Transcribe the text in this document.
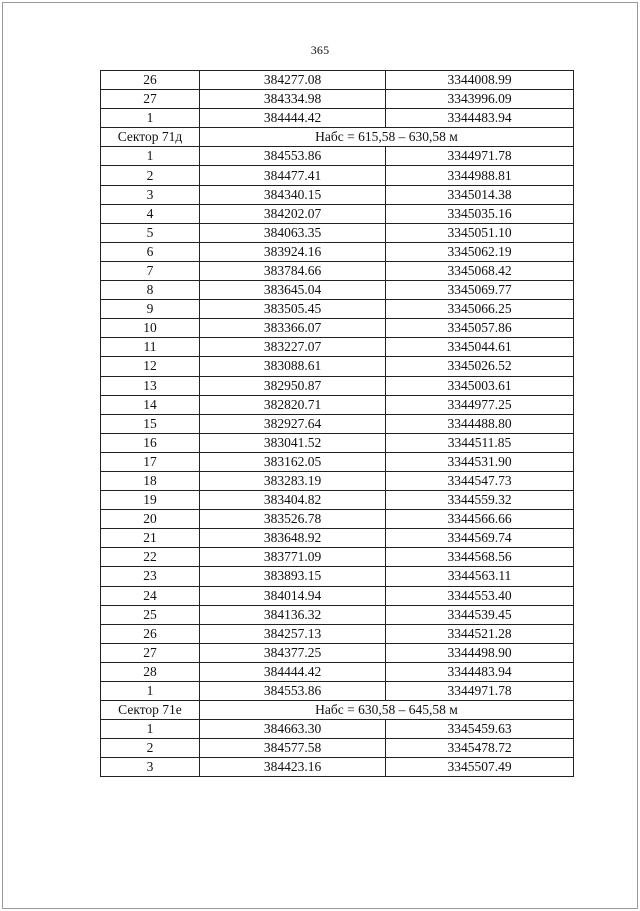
365
26	384277.08	3344008.99
27	384334.98	3343996.09
1	384444.42	3344483.94
Сектор 71д	Набс = 615,58 – 630,58 м	
1	384553.86	3344971.78
2	384477.41	3344988.81
3	384340.15	3345014.38
4	384202.07	3345035.16
5	384063.35	3345051.10
6	383924.16	3345062.19
7	383784.66	3345068.42
8	383645.04	3345069.77
9	383505.45	3345066.25
10	383366.07	3345057.86
11	383227.07	3345044.61
12	383088.61	3345026.52
13	382950.87	3345003.61
14	382820.71	3344977.25
15	382927.64	3344488.80
16	383041.52	3344511.85
17	383162.05	3344531.90
18	383283.19	3344547.73
19	383404.82	3344559.32
20	383526.78	3344566.66
21	383648.92	3344569.74
22	383771.09	3344568.56
23	383893.15	3344563.11
24	384014.94	3344553.40
25	384136.32	3344539.45
26	384257.13	3344521.28
27	384377.25	3344498.90
28	384444.42	3344483.94
1	384553.86	3344971.78
Сектор 71е	Набс = 630,58 – 645,58 м	
1	384663.30	3345459.63
2	384577.58	3345478.72
3	384423.16	3345507.49
